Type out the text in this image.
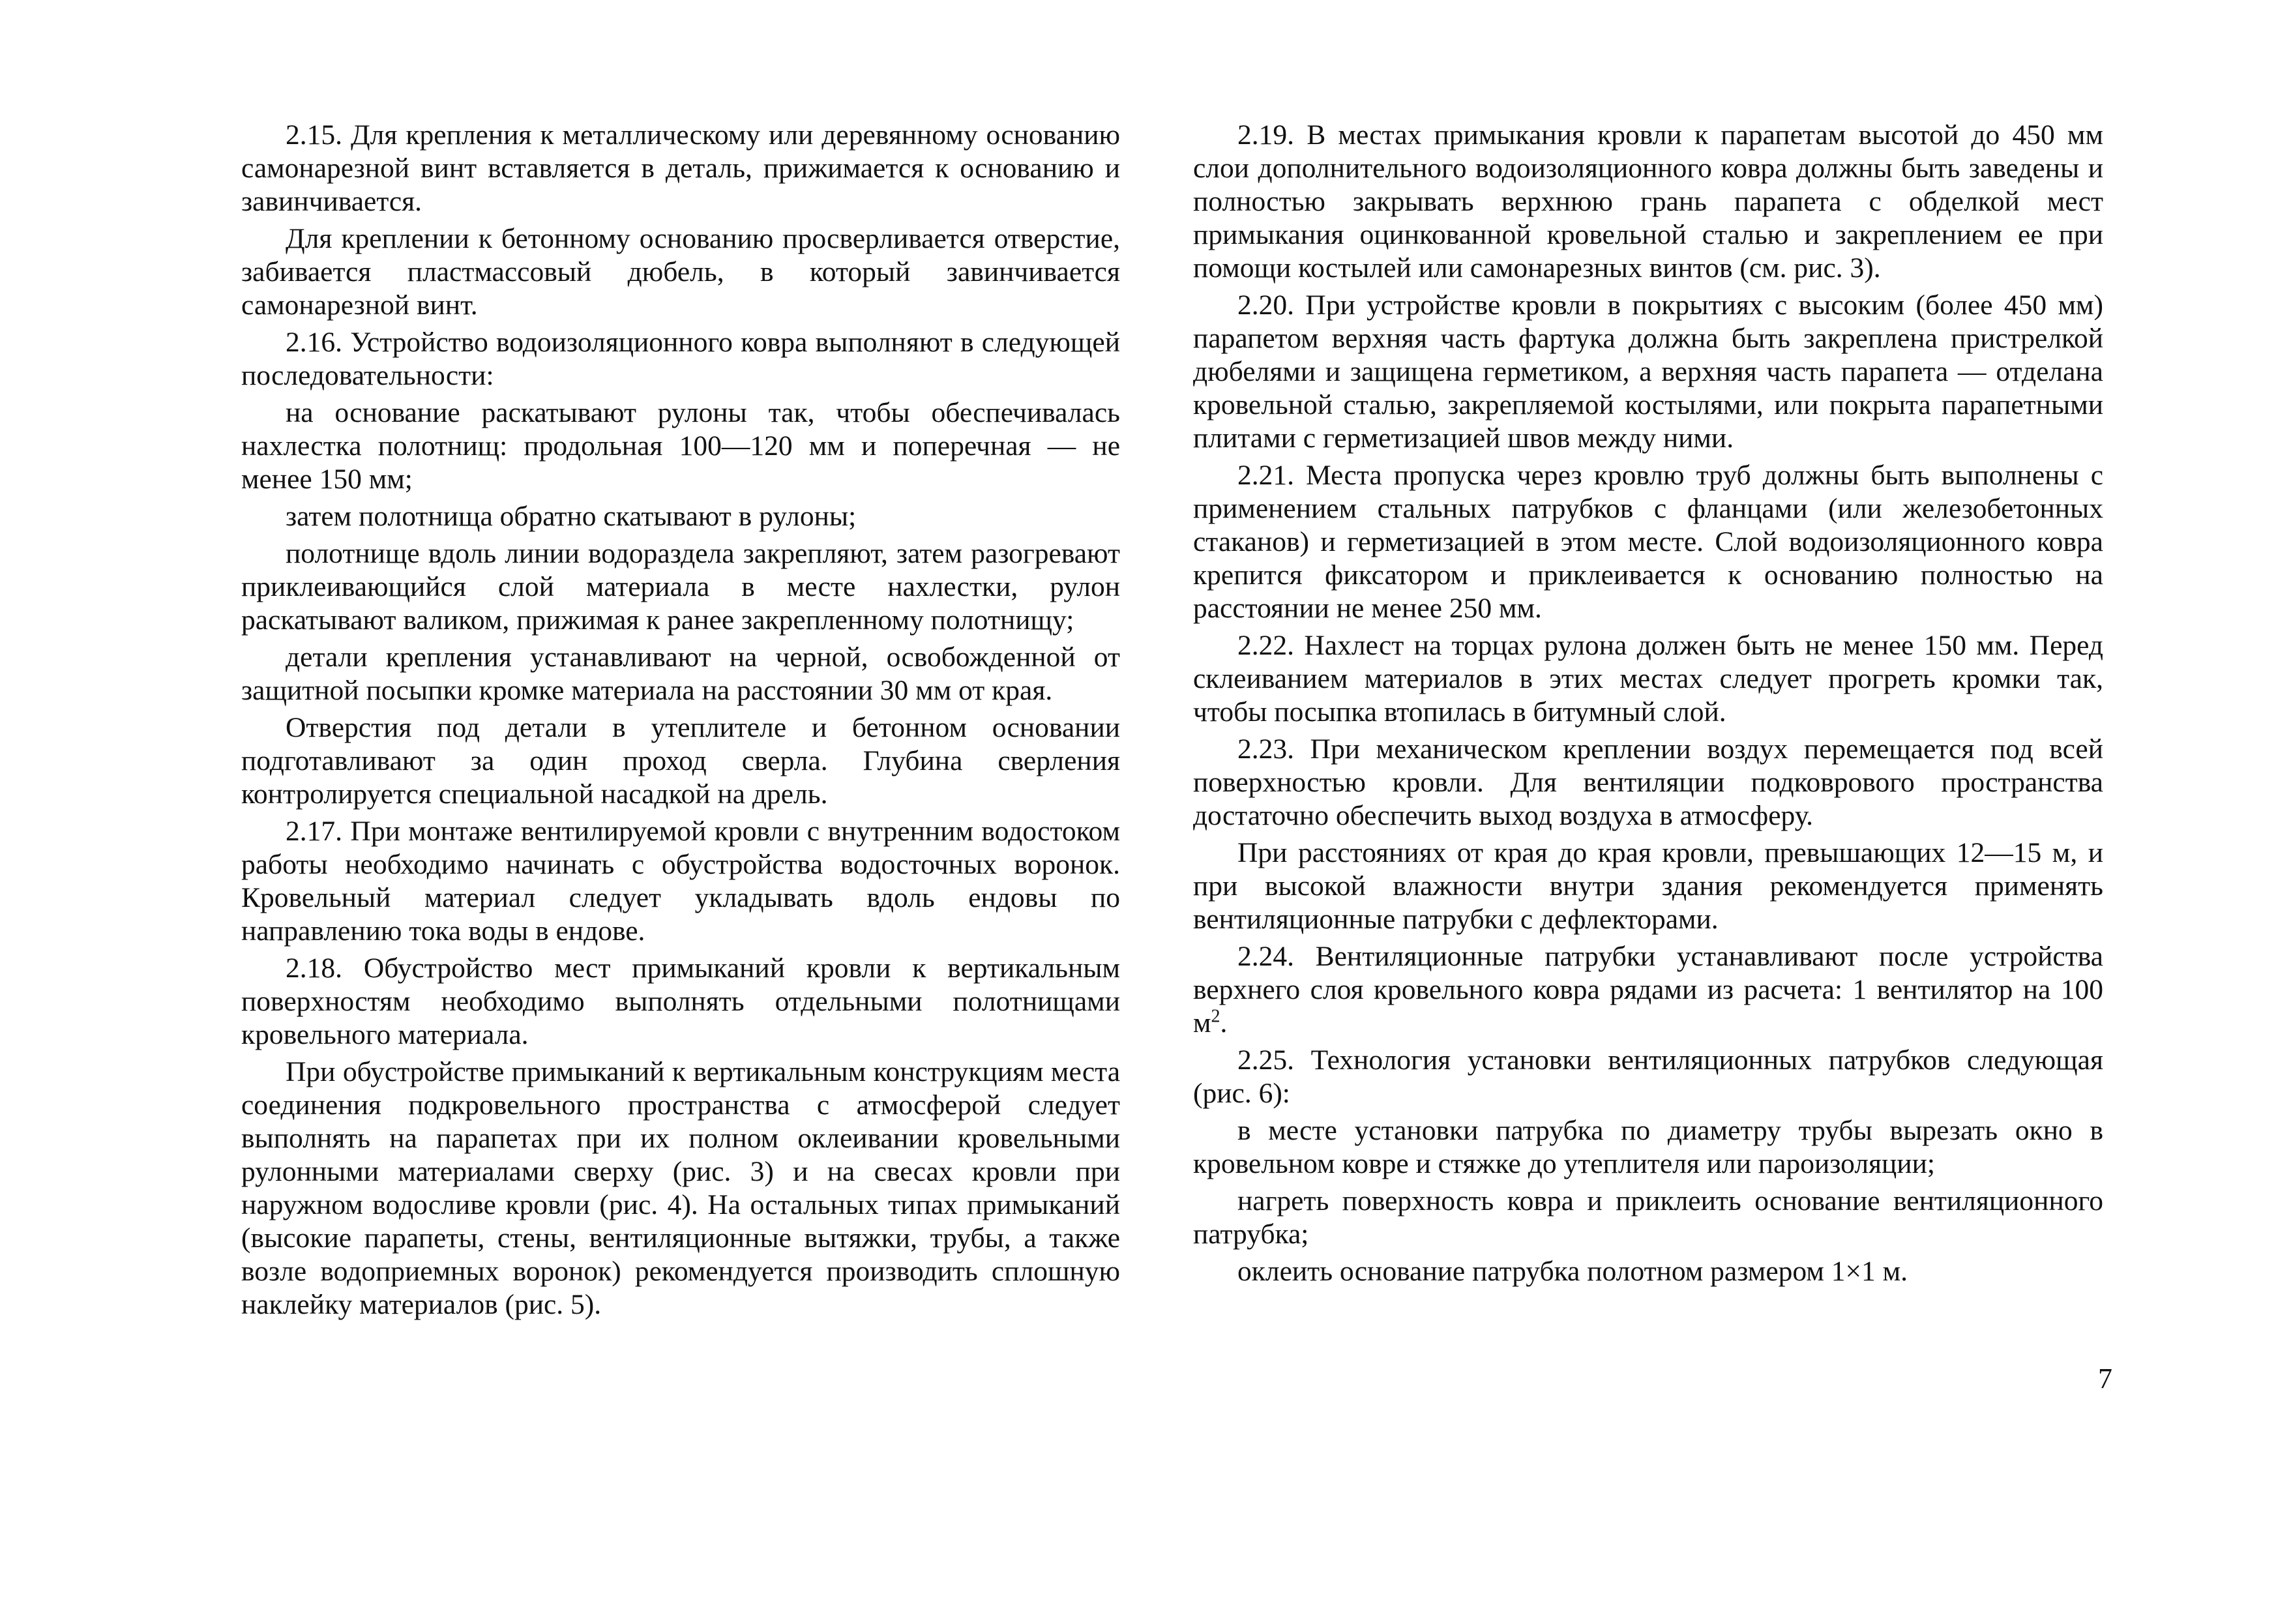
2.15. Для крепления к металлическому или деревянному основанию самонарезной винт вставляется в деталь, прижимается к основанию и завинчивается.

Для креплении к бетонному основанию просверливается отверстие, забивается пластмассовый дюбель, в который завинчивается самонарезной винт.

2.16. Устройство водоизоляционного ковра выполняют в следующей последовательности:

на основание раскатывают рулоны так, чтобы обеспечивалась нахлестка полотнищ: продольная 100—120 мм и поперечная — не менее 150 мм;

затем полотнища обратно скатывают в рулоны;

полотнище вдоль линии водораздела закрепляют, затем разогревают приклеивающийся слой материала в месте нахлестки, рулон раскатывают валиком, прижимая к ранее закрепленному полотнищу;

детали крепления устанавливают на черной, освобожденной от защитной посыпки кромке материала на расстоянии 30 мм от края.

Отверстия под детали в утеплителе и бетонном основании подготавливают за один проход сверла. Глубина сверления контролируется специальной насадкой на дрель.

2.17. При монтаже вентилируемой кровли с внутренним водостоком работы необходимо начинать с обустройства водосточных воронок. Кровельный материал следует укладывать вдоль ендовы по направлению тока воды в ендове.

2.18. Обустройство мест примыканий кровли к вертикальным поверхностям необходимо выполнять отдельными полотнищами кровельного материала.

При обустройстве примыканий к вертикальным конструкциям места соединения подкровельного пространства с атмосферой следует выполнять на парапетах при их полном оклеивании кровельными рулонными материалами сверху (рис. 3) и на свесах кровли при наружном водосливе кровли (рис. 4). На остальных типах примыканий (высокие парапеты, стены, вентиляционные вытяжки, трубы, а также возле водоприемных воронок) рекомендуется производить сплошную наклейку материалов (рис. 5).

2.19. В местах примыкания кровли к парапетам высотой до 450 мм слои дополнительного водоизоляционного ковра должны быть заведены и полностью закрывать верхнюю грань парапета с обделкой мест примыкания оцинкованной кровельной сталью и закреплением ее при помощи костылей или самонарезных винтов (см. рис. 3).

2.20. При устройстве кровли в покрытиях с высоким (более 450 мм) парапетом верхняя часть фартука должна быть закреплена пристрелкой дюбелями и защищена герметиком, а верхняя часть парапета — отделана кровельной сталью, закрепляемой костылями, или покрыта парапетными плитами с герметизацией швов между ними.

2.21. Места пропуска через кровлю труб должны быть выполнены с применением стальных патрубков с фланцами (или железобетонных стаканов) и герметизацией в этом месте. Слой водоизоляционного ковра крепится фиксатором и приклеивается к основанию полностью на расстоянии не менее 250 мм.

2.22. Нахлест на торцах рулона должен быть не менее 150 мм. Перед склеиванием материалов в этих местах следует прогреть кромки так, чтобы посыпка втопилась в битумный слой.

2.23. При механическом креплении воздух перемещается под всей поверхностью кровли. Для вентиляции подковрового пространства достаточно обеспечить выход воздуха в атмосферу.

При расстояниях от края до края кровли, превышающих 12—15 м, и при высокой влажности внутри здания рекомендуется применять вентиляционные патрубки с дефлекторами.

2.24. Вентиляционные патрубки устанавливают после устройства верхнего слоя кровельного ковра рядами из расчета: 1 вентилятор на 100 $м^2$.

2.25. Технология установки вентиляционных патрубков следующая (рис. 6):

в месте установки патрубка по диаметру трубы вырезать окно в кровельном ковре и стяжке до утеплителя или пароизоляции;

нагреть поверхность ковра и приклеить основание вентиляционного патрубка;

оклеить основание патрубка полотном размером 1×1 м.

7
